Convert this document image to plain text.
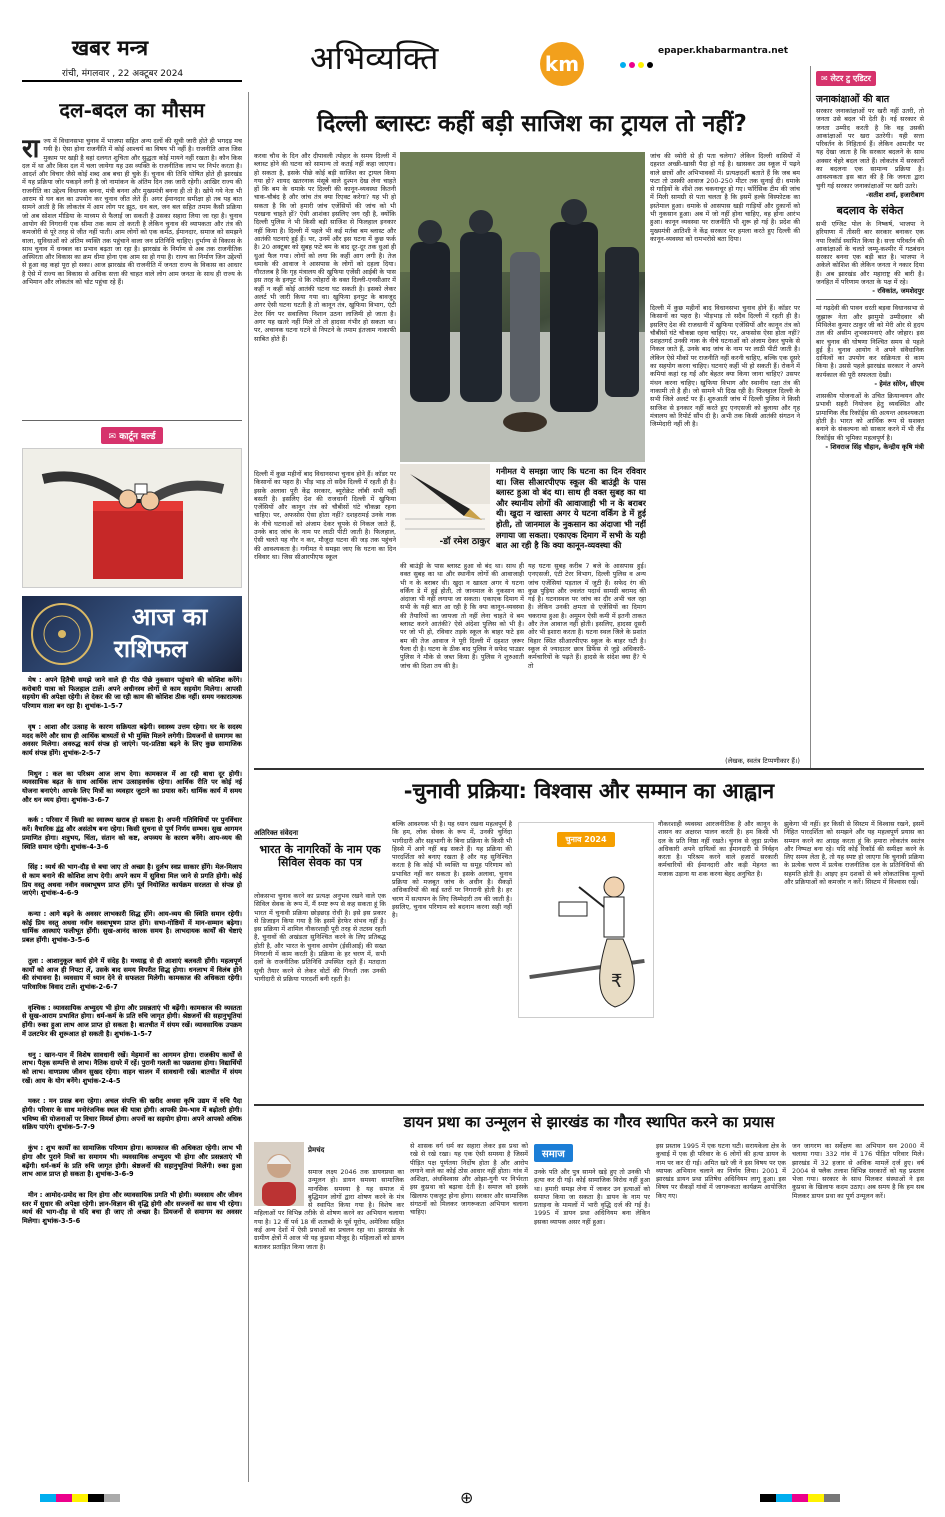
खबर मन्त्र
रांची, मंगलवार , 22 अक्टूबर 2024	अभिव्यक्ति	km
epaper.khabarmantra.net
दल-बदल का मौसम
रा ज्य में विधानसभा चुनाव में भाजपा सहित अन्य दलों की सूची जारी होते ही भगदड़ मच गयी है। ऐसा होना राजनीति में कोई आश्चर्य का विषय भी नहीं है। राजनीति आज जिस मुकाम पर खड़ी है वहां दलगत शुचिता और सुद्धता कोई मायने नहीं रखता है। कौन किस दल में था और किस दल में चला जायेगा यह उस व्यक्ति के राजनीतिक लाभ पर निर्भर करता है। आदर्श और विचार जैसे कोई शब्द अब बचा ही चुके हैं। चुनाव की तिथि घोषित होते ही झारखंड में यह प्रक्रिया जोर पकड़ने लगी है जो नामांकन के अंतिम दिन तक जारी रहेगी। आखिर राज्य की राजनीति का उद्देश्य विधायक बनना, मंत्री बनना और मुख्यमंत्री बनना ही तो है। खोये गये नेता भी आराम से घन बल का उपयोग कर चुनाव जीत लेते हैं। अगर ईमानदार समीक्षा हो तब यह बात सामने आती है कि लोकतंत्र में आम लोग पर झूठ, धन बल, जन बल सहित तमाम कैसी प्रक्रिया जो अब सोशल मीडिया के माध्यम से फैलाई जा सकती है उसका सहारा लिया जा रहा है। चुनाव आयोग की निगरानी एक सीमा तक काम तो करती है लेकिन चुनाव की व्यापकता और तंत्र की कमजोरी से पूरे तरह से जीत नहीं पाती। आम लोगों को एक कर्मठ, ईमानदार, समाज को समझने वाला, सुविधाओं को अंतिम व्यक्ति तक पहुंचाने वाला जन प्रतिनिधि चाहिए। दुर्भाग्य से विकास के साथ चुनाव में धनबल का प्रभाव बढ़ता जा रहा है। झारखंड के निर्माण से अब तक राजनीतिक अस्थिरता और विकास का क्रम धीमा होना एक आम सा हो गया है। राज्य का निर्माण जिन उद्देश्यों से हुआ वह कहां पूरा हो सका। आज झारखंड की राजनीति में जनता राज्य के विकास का आधार है ऐसे में राज्य का विकास से अधिक सत्ता की चाहत वाले लोग आम जनता के साथ ही राज्य के अभिमान और लोकतंत्र को चोट पहुंचा रहे हैं।
✉ कार्टून वर्ल्ड
आज का
राशिफल
मेष : अपने हितैषी समझे जाने वाले ही पीठ पीछे नुकसान पहुंचाने की कोशिश करेंगे। करोबारी यात्रा को फिलहाल टालें। अपने अधीनस्थ लोगों से काम सहयोग मिलेगा। आपसी सहयोग की अपेक्षा रहेगी। ले देकर की जा रही काम की कोशिश ठीक नहीं। समय नकारात्मक परिणाम वाला बन रहा है। शुभांक-1-5-7
वृष : आशा और उत्साह के कारण सक्रियता बढ़ेगी। स्वास्थ्य उत्तम रहेगा। घर के सदस्य मदद करेंगे और साथ ही आर्थिक बाध्यतों से भी मुक्ति मिलने लगेगी। प्रियजनों से समागम का अवसर मिलेगा। अवरुद्ध कार्य संपन्न हो जाएंगे। पद-प्रतिष्ठा बढ़ने के लिए कुछ सामाजिक कार्य संपन्न होंगे। शुभांक-2-5-7
मिथुन : कल का परिश्रम आज लाभ देगा। कामकाज में आ रही बाधा दूर होगी। व्यवसायिक बढ़त के साथ आर्थिक लाभ उत्साहवर्धक रहेगा। आर्थिक रीति पर कोई नई योजना बनाएंगे। आपके लिए मित्रों का व्यवहार जुटाने का प्रयास करें। धार्मिक कार्य में समय और धन व्यय होगा। शुभांक-3-6-7
कर्क : परिवार में किसी का स्वास्थ्य खराब हो सकता है। अपनी गतिविधियों पर पुनर्विचार करें। वैचारिक द्वंद्व और असंतोष बना रहेगा। किसी सुचना से पूर्ण निर्णय सम्भव। सुख आगमन प्रमाणित होगा। शत्रुभय, चिंता, संतान को कष्ट, अपव्यय के कारण बनेंगे। आय-व्यय की स्थिति समान रहेगी। शुभांक-4-3-6
सिंह : व्यर्थ की भाग-दौड़ से बचा जाए तो अच्छा है। दुर्लभ स्वप्न साकार होंगे। मेल-मिलाप से काम बनाने की कोशिश लाभ देगी। अपने काम में सुविधा मिल जाने से प्रगति होगी। कोई प्रिय वस्तु अथवा नवीन वस्त्राभूषण प्राप्त होंगे। पूर्व नियोजित कार्यक्रम सरलता से संपन्न हो जाएंगे। शुभांक-4-6-9
कन्या : आगे बढ़ने के अवसर लाभकारी सिद्ध होंगे। आय-व्यय की स्थिति समान रहेगी। कोई प्रिय वस्तु अथवा नवीन वस्त्राभूषण प्राप्त होंगे। सभा-गोष्ठियों में मान-सम्मान बढ़ेगा। धार्मिक आस्थाएं फलीभूत होंगी। सुख-आनंद कारक समय है। लाभदायक कार्यों की चेष्टाएं प्रबल होंगी। शुभांक-3-5-6
तुला : आशानुकूल कार्य होने में संदेह है। मध्याह्न से ही आशाएं बलवती होंगी। महत्वपूर्ण कार्यों को आज ही निपटा लें, उसके बाद समय विपरीत सिद्ध होगा। धनलाभ में विलंब होने की संभावना है। व्यवसाय में ध्यान देने से सफलता मिलेगी। कामकाज की अधिकता रहेगी। पारिवारिक विवाद टालें। शुभांक-2-6-7
वृश्चिक : व्यावसायिक अभ्युदय भी होगा और प्रसन्नताएं भी बढ़ेंगी। कामकाज की व्यस्तता से सुख-आराम प्रभावित होगा। धर्म-कर्म के प्रति रुचि जागृत होगी। श्रेष्ठजनों की सहानुभूतियां होंगी। रुका हुआ लाभ आज प्राप्त हो सकता है। बातचीत में संयम रखें। व्यावसायिक उपक्रम में उलटफेर की शुरूआत हो सकती है। शुभांक-1-5-7
धनु : खान-पान में विशेष सावधानी रखें। मेहमानों का आगमन होगा। राजकीय कार्यों से लाभ। पैतृक सम्पत्ति से लाभ। नैतिक दायरे में रहें। पुरानी गलती का पछतावा होगा। विद्यार्थियों को लाभ। वाणप्रस्थ जीवन सुखद रहेगा। वाहन चालन में सावधानी रखें। बातचीत में संयम रखें। आय के योग बनेंगे। शुभांक-2-4-5
मकर : मन प्रसन्न बना रहेगा। अचल संपत्ति की खरीद अथवा कृषि उद्यम में रुचि पैदा होगी। परिवार के साथ मनोरंजनिक स्थल की यात्रा होगी। आपकी प्रेम-भाव में बढ़ोतरी होगी। भविष्य की योजनाओं पर विचार विमर्श होगा। अपनों का सहयोग होगा। अपने आपको अधिक सक्रिय पाएंगे। शुभांक-5-7-9
कुंभ : शुभ कार्यों का सामाजिक परिणाम होगा। कामकाज की अधिकता रहेगी। लाभ भी होगा और पुराने मित्रों का समागम भी। व्यवसायिक अभ्युदय भी होगा और प्रसन्नताएं भी बढ़ेंगी। धर्म-कर्म के प्रति रुचि जागृत होगी। श्रेष्ठजनों की सहानुभूतियां मिलेंगी। रुका हुआ लाभ आज प्राप्त हो सकता है। शुभांक-3-6-9
मीन : आमोद-प्रमोद का दिन होगा और व्यावसायिक प्रगति भी होगी। व्यवसाय और जीवन स्तर में सुधार की अपेक्षा रहेगी। ज्ञान-विज्ञान की वृद्धि होगी और सज्जनों का साथ भी रहेगा। व्यर्थ की भाग-दौड़ से यदि बचा ही जाए तो अच्छा है। प्रियजनों से समागम का अवसर मिलेगा। शुभांक-3-5-6
दिल्ली ब्लास्टः कहीं बड़ी साजिश का ट्रायल तो नहीं?
करवा चौथ के दिन और दीपावली त्योहार के समय दिल्ली में ब्लास्ट होने की घटना को सामान्य तो कतई नहीं कहा जाएगा। हो सकता है, इसके पीछे कोई बड़ी साजिश का ट्रायल किया गया हो? शायद खतरनाक मंसूबे वाले दुश्मन देख लेना चाहते हों कि बम के धमाके पर दिल्ली की कानून-व्यवस्था कितनी चाक-चौबंद है और जांच तंत्र क्या रिएक्ट करेगा? यह भी हो सकता है कि जो हमारी जांच एजेंसियों की जांच को भी परखना चाहते हों? ऐसी आशंका इसलिए जग रही है, क्योंकि दिल्ली पुलिस ने भी किसी बड़ी साजिश से फिलहाल इनकार नहीं किया है। दिल्ली में पहले भी कई मर्तबा बम ब्लास्ट और आतंकी घटनाएं हुई हैं। पर, उनमें और इस घटना में कुछ फर्क है। 20 अक्टूबर को सुबह फटे बम के बाद दूर-दूर तक धुआं ही धुआं फैल गया। लोगों को लगा कि कहीं आग लगी है। तेज धमाके की आवाज ने आसपास के लोगों को दहला दिया। गौरतलब है कि गृह मंत्रालय की खुफिया एजेंसी आईबी के पास इस तरह के इनपुट थे कि त्योहारों के वक्त दिल्ली-एनसीआर में कहीं न कहीं कोई आतंकी घटना घट सकती है। इसको लेकर अलर्ट भी जारी किया गया था। खुफिया इनपुट के बावजूद अगर ऐसी घटना घटती है तो कानून तंत्र, खुफिया विभाग, एंटी टेरर विंग पर सवालिया निशान उठना लाजिमी हो जाता है। अगर यह खतरे नहीं मिले तो तो हादसा गंभीर हो सकता था। पर, अचानक घटना घटने से निपटने के तमाम इंतजाम नाकाफी साबित होते हैं।
जांच की थ्योरी से ही पता चलेगा? लेकिन दिल्ली वासियों में दहशत अच्छी-खासी पैदा हो गई है। खासकर उस स्कूल में पढ़ने वाले छात्रों और अभिभावकों में। प्रत्यक्षदर्शी बताते हैं कि जब बम फटा तो उसकी आवाज 200-250 मीटर तक सुनाई दी। धमाके से गाड़ियों के शीशे तक चकनाचूर हो गए। फॉरेंसिक टीम की जांच में मिली सामग्री से पता चलता है कि इसमें हल्के विस्फोटक का इस्तेमाल हुआ। धमाके से आसपास खड़ी गाड़ियों और दुकानों को भी नुकसान हुआ। अब में जो नहीं होना चाहिए, वह होना आरंभ हुआ। कानून व्यवस्था पर राजनीति भी शुरू हो गई है। प्रदेश की मुख्यमंत्री आतिशी ने केंद्र सरकार पर हमला करते हुए दिल्ली की कानून-व्यवस्था को रामभरोसे बता दिया।
-डॉ रमेश ठाकुर
गनीमत ये समझा जाए कि घटना का दिन रविवार था। जिस सीआरपीएफ स्कूल की बाउंड्री के पास ब्लास्ट हुआ वो बंद था। साथ ही वक्त सुबह का था और स्थानीय लोगों की आवाजाही भी न के बराबर थी। खुदा न खास्ता अगर ये घटना वर्किंग डे में हुई होती, तो जानमाल के नुकसान का अंदाजा भी नहीं लगाया जा सकता। एकाएक दिमाग में सभी के यही बात आ रही है कि क्या कानून-व्यवस्था की
दिल्ली में कुछ महीनों बाद विधानसभा चुनाव होने हैं। कॉडर पर किसानों का पहरा है। भीड़ भाड़ तो सदैव दिल्ली में रहती ही है। इसके अलावा पूरी केंद्र सरकार, ब्यूरोक्रेट लॉबी सभी यहीं बसती है। इसलिए देश की राजधानी दिल्ली में खुफिया एजेंसियों और कानून तंत्र को चौबीसों घंटे चौकन्ना रहना चाहिए। पर, अफसोस ऐसा होता नहीं? दशहरामई उनके नाक के नीचे घटनाओं को अंजाम देकर चूपके से निकल जाते हैं, उनके बाद जांच के नाम पर लाठी पीटी जाती है। फिलहाल, ऐसी चलते यह गौर न कर, मौजूदा घटना की जड़ तक पहुंचने की आवश्यकता है। गनीमत ये समझा जाए कि घटना का दिन रविवार था। जिस सीआरपीएफ स्कूल
की बाउंड्री के पास ब्लास्ट हुआ वो बंद था। साथ ही वक्त सुबह का था और स्थानीय लोगों की आवाजाही भी न के बराबर थी। खुदा न खास्ता अगर ये घटना वर्किंग डे में हुई होती, तो जानमाल के नुकसान का अंदाजा भी नहीं लगाया जा सकता। एकाएक दिमाग में सभी के यही बात आ रही है कि क्या कानून-व्यवस्था की तैयारियों का जायजा तो नहीं लेना चाहते थे बम ब्लास्ट करने आतंकी? ऐसे अंदेशा पुलिस को भी है। पर जो भी हो, रविवार तड़के स्कूल के बाहर फटे इस बम की तेज आवाज ने पूरी दिल्ली में दहशत ज़रूर फैला दी है। घटना के ठीक बाद पुलिस ने सफेद पाउडर पुलिस ने मौके से जब्त किया है। पुलिस ने शुरुआती जांच की दिशा तय की है।
यह घटना सुबह करीब 7 बजे के आसपास हुई। एनएसजी, एंटी टेरर विभाग, दिल्ली पुलिस व अन्य जांच एजेंसियां पड़ताल में जुटी हैं। सफेद रंग की कुछ पुड़िया और ज्वलंत पदार्थ सामग्री बरामद की गई है। घटनास्थल पर जांच का दौर अभी चल रहा है। लेकिन उनकी क्षमता से एजेंसियों का दिमाग चकराया हुआ है। अमूमन ऐसी कमी में इतनी ताकत और तेज आवाज नहीं होती। इसलिए, हादसा दूसरी ओर भी इशारा करता है। घटना स्थल जिले के प्रशांत विहार स्थित सीआरपीएफ स्कूल के बाहर घटी है। स्कूल से ज्यादातर छात्र डिफेंस से जुड़े अधिकारी-कर्मचारियों के पढ़ते हैं। हादसे के संदेश क्या हैं? ये तो
दिल्ली में कुछ महीनों बाद विधानसभा चुनाव होने हैं। कॉडर पर किसानों का पहरा है। भीड़भाड़ तो सदैव दिल्ली में रहती ही है। इसलिए देश की राजधानी में खुफिया एजेंसियों और कानून तंत्र को चौबीसों घंटे चौकन्ना रहना चाहिए। पर, अफसोस ऐसा होता नहीं? दशहतगर्द उनकी नाक के नीचे घटनाओं को अंजाम देकर चुपके से निकल जाते हैं, उनके बाद जांच के नाम पर लाठी पीटी जाती है। लेकिन ऐसे मौकों पर राजनीति नहीं करनी चाहिए, बल्कि एक दूसरे का सहयोग करना चाहिए। घटनाएं कहीं भी हो सकती हैं। रोकने में कमियां कहां रह गईं और बेहतर क्या किया जाना चाहिए? उसपर मंथन करना चाहिए। खुफिया विभाग और स्थानीय रक्षा तंत्र की नाकामी तो है ही। जो सामने भी दिख रही है। फिलहाल दिल्ली के सभी जिले अलर्ट पर हैं। शुरुआती जांच में दिल्ली पुलिस ने किसी साजिश से इनकार नहीं करते हुए एनएसजी को बुलाया और गृह मंत्रालय को रिपोर्ट सौंप दी है। अभी तक किसी आतंकी संगठन ने जिम्मेदारी नहीं ली है।
(लेखक, स्वतंत्र टिप्पणीकार हैं।)
✉ लेटर टु एडिटर
जनाकांक्षाओं की बात
सरकार जनाकांक्षाओं पर खरी नहीं उतरी, तो जनता उसे बदल भी देती है। नई सरकार से जनता उम्मीद करती है कि वह उसकी आकांक्षाओं पर खरा उतरेगी। यही सत्ता परिवर्तन के निहितार्थ हैं। लेकिन आमतौर पर यह देखा जाता है कि सरकार बदलने के साथ अक्सर चेहरे बदल जाते हैं। लोकतंत्र में सरकारों का बदलना एक सामान्य प्रक्रिया है। आवश्यकता इस बात की है कि जनता द्वारा चुनी गई सरकार जनाकांक्षाओं पर खरी उतरे।
-सतीश शर्मा, हजारीबाग
बदलाव के संकेत
सभी एग्जिट पोल के निष्कर्ष, भाजपा ने हरियाणा में तीसरी बार सरकार बनाकर एक नया रिकॉर्ड स्थापित किया है। सत्ता परिवर्तन की आकांक्षाओं के चलते जम्मू-कश्मीर में गठबंधन सरकार बनना एक बड़ी बात है। भाजपा ने अकेले कोशिश की लेकिन जनता ने नकार दिया है। अब झारखंड और महाराष्ट्र की बारी है। जनहित में परिणाम जनता के पक्ष में रहे।
- रविकांत, जमशेदपुर
मां गढ़देवी की पावन धरती बड़वा विधानसभा से जुझारू नेता और झामुमो उम्मीदवार श्री मिथिलेश कुमार ठाकुर जी को मेरी ओर से हृदय तल की असीम शुभकामनाएं और जोहार। इस बार चुनाव की घोषणा निश्चित समय से पहले हुई है। चुनाव आयोग ने अपने संवैधानिक दायित्वों का उपयोग कर सक्रियता से काम किया है। उससे पहले झारखंड सरकार ने अपने कार्यकाल की पूरी सफलता देखी।
- हेमंत सोरेन, सीएम
शासकीय योजनाओं के उचित क्रियान्वयन और प्रभावी सहरी नियोजन हेतु व्यवस्थित और प्रामाणिक लैंड रिकॉर्ड्स की अत्यन्त आवश्यकता होती है। भारत को आर्थिक रूप से सशक्त बनाने के संकल्पना को साकार करने में भी लैंड रिकॉर्ड्स की भूमिका महत्वपूर्ण है।
- शिवराज सिंह चौहान, केन्द्रीय कृषि मंत्री
-चुनावी प्रक्रिया: विश्वास और सम्मान का आह्वान
अतिरिक्त संवेदना
भारत के नागरिकों के नाम एक सिविल सेवक का पत्र
लोकसभा चुनाव करने का प्रत्यक्ष अनुभव रखने वाले एक सिविल सेवक के रूप में, मैं स्पष्ट रूप से कह सकता हूं कि भारत में चुनावी प्रक्रिया छोड़छाड़ रोधी है। इसे इस प्रकार से डिजाइन किया गया है कि इसमें हेरफेर संभव नहीं है। इस प्रक्रिया में शामिल नौकरशाही पूरी तरह से तटस्थ रहती है, चुनावों की अखंडता सुनिश्चित करने के लिए प्रतिबद्ध होती है, और भारत के चुनाव आयोग (ईसीआई) की सख्त निगरानी में काम करती है। प्रक्रिया के हर चरण में, सभी दलों के राजनीतिक प्रतिनिधि उपस्थित रहते हैं। मतदाता सूची तैयार करने से लेकर वोटों की गिनती तक उनकी भागीदारी से प्रक्रिया पारदर्शी बनी रहती है।
बल्कि आवश्यक भी है। यह ध्यान रखना महत्वपूर्ण है कि हम, लोक सेवक के रूप में, उनकी चुनिंदा भागीदारी और सहभागी के बिना प्रक्रिया के किसी भी हिस्से में आगे नहीं बढ़ सकते हैं। यह प्रक्रिया की पारदर्शिता को बनाए रखता है और यह सुनिश्चित करता है कि कोई भी व्यक्ति या समूह परिणाम को प्रभावित नहीं कर सकता है। इसके अलावा, चुनाव प्रक्रिया को मजबूत जांच के अधीन है। सैकड़ों अधिकारियों की कई स्तरों पर निगरानी होती है। हर चरण में सत्यापन के लिए जिम्मेदारी तय की जाती है। इसलिए, चुनाव परिणाम को बदनाम करना सही नहीं है।
चुनाव 2024
₹
नौकरशाही व्यवस्था आरजनीतिक है और कानून के शासन का अक्षरश पालन करती है। हम किसी भी दल के प्रति निष्ठा नहीं रखते। चुनाव से जुड़ा प्रत्येक अधिकारी अपने दायित्वों का ईमानदारी से निर्वहन करता है। परिश्रम करने वाले हजारों सरकारी कर्मचारियों की ईमानदारी और कड़ी मेहनत का मजाक उड़ाना या शक करना बेहद अनुचित है।
झुकेगा भी नहीं। हर किसी से सिस्टम में विश्वास रखने, इसमें निहित पारदर्शिता को समझने और यह महत्वपूर्ण प्रयास का सम्मान करने का आग्रह करता हूं कि हमारा लोकतंत्र स्वतंत्र और निष्पक्ष बना रहे। यदि कोई रिकॉर्ड की समीक्षा करने के लिए समय लेता है, तो यह स्पष्ट हो जाएगा कि चुनावी प्रक्रिया के प्रत्येक चरण में प्रत्येक राजनीतिक दल के प्रतिनिधियों की सहमति होती है। आइए हम दशकों से बने लोकतांत्रिक मूल्यों और प्रक्रियाओं को कमजोर न करें। सिस्टम में विश्वास रखें।
डायन प्रथा का उन्मूलन से झारखंड का गौरव स्थापित करने का प्रयास
प्रेमचंद
समाज लक्ष्य 2046 तक डायनप्रथा का उन्मूलन हो। डायन समस्या सामाजिक मानसिक समस्या है यह समाज में बुद्धिमान लोगों द्वारा शोषण करने के मंत्र से स्थापित किया गया है। विशेष कर महिलाओं पर विभिन्न तरीके से शोषण करने का अभियान चलाया गया है। 12 वीं पर्व 18 वीं शताब्दी के पूर्व यूरोप, अमेरिका सहित कई अन्य देशों में ऐसी प्रथाओं का प्रचलन रहा था। झारखंड के ग्रामीण क्षेत्रों में आज भी यह कुप्रथा मौजूद है। महिलाओं को डायन बताकर प्रताड़ित किया जाता है।
से शासक वर्ग धर्म का सहारा लेकर इस प्रथा को रखे से रखे रखा। यह एक ऐसी समस्या है जिसमें पीड़ित पक्ष पूर्णतया निर्दोष होता है और आरोप लगाने वाले का कोई ठोस आधार नहीं होता। गांव में अशिक्षा, अंधविश्वास और ओझा-गुनी पर निर्भरता इस कुप्रथा को बढ़ावा देती है। समाज को इसके खिलाफ एकजुट होना होगा। सरकार और सामाजिक संगठनों को मिलकर जागरूकता अभियान चलाना चाहिए।
समाज
उनके पति और पुत्र सामने खड़े हुए तो उनकी भी हत्या कर दी गई। कोई सामाजिक विरोध नहीं हुआ था। हमारी समझ लेना में जाकर उन हत्याओं को समाप्त किया जा सकता है। डायन के नाम पर प्रताड़ना के मामलों में भारी वृद्धि दर्ज की गई है। 1995 में डायन प्रथा अधिनियम बना लेकिन इसका व्यापक असर नहीं हुआ।
इस प्रस्ताव 1995 में एक घटना घटी। सरायकेला क्षेत्र के कुचाई में एक ही परिवार के 6 लोगों की हत्या डायन के नाम पर कर दी गई। अमित खरे जी ने इस विषय पर एक व्यापक अभियान चलाने का निर्णय लिया। 2001 में झारखंड डायन प्रथा प्रतिषेध अधिनियम लागू हुआ। इस विषय पर सैकड़ों गांवों में जागरूकता कार्यक्रम आयोजित किए गए।
जन जागरण का सर्वेक्षण का अभियान सन 2000 में चलाया गया। 332 गांव में 176 पीड़ित परिवार मिले। झारखंड में 32 हजार से अधिक मामलें दर्ज हुए। वर्ष 2004 से फ्लैक तलाश विभिन्न सरकारों को यह प्रस्ताव भेजा गया। सरकार के साथ मिलकर संस्थाओं ने इस कुप्रथा के खिलाफ कदम उठाए। अब समय है कि हम सब मिलकर डायन प्रथा का पूर्ण उन्मूलन करें।
⊕
